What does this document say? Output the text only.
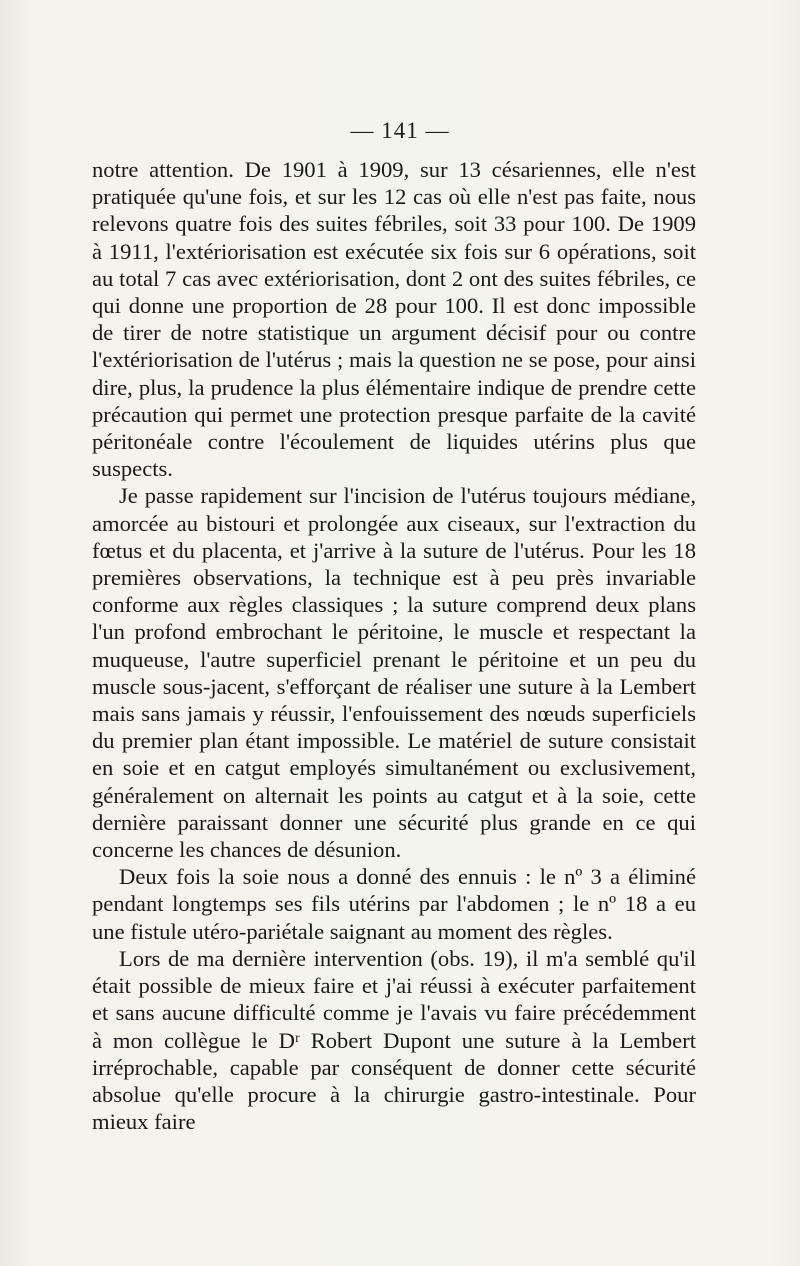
— 141 —

notre attention. De 1901 à 1909, sur 13 césariennes, elle n'est pratiquée qu'une fois, et sur les 12 cas où elle n'est pas faite, nous relevons quatre fois des suites fébriles, soit 33 pour 100. De 1909 à 1911, l'extériorisation est exécutée six fois sur 6 opérations, soit au total 7 cas avec extériorisation, dont 2 ont des suites fébriles, ce qui donne une proportion de 28 pour 100. Il est donc impossible de tirer de notre statistique un argument décisif pour ou contre l'extériorisation de l'utérus ; mais la question ne se pose, pour ainsi dire, plus, la prudence la plus élémentaire indique de prendre cette précaution qui permet une protection presque parfaite de la cavité péritonéale contre l'écoulement de liquides utérins plus que suspects.

Je passe rapidement sur l'incision de l'utérus toujours médiane, amorcée au bistouri et prolongée aux ciseaux, sur l'extraction du fœtus et du placenta, et j'arrive à la suture de l'utérus. Pour les 18 premières observations, la technique est à peu près invariable conforme aux règles classiques ; la suture comprend deux plans l'un profond embrochant le péritoine, le muscle et respectant la muqueuse, l'autre superficiel prenant le péritoine et un peu du muscle sous-jacent, s'efforçant de réaliser une suture à la Lembert mais sans jamais y réussir, l'enfouissement des nœuds superficiels du premier plan étant impossible. Le matériel de suture consistait en soie et en catgut employés simultanément ou exclusivement, généralement on alternait les points au catgut et à la soie, cette dernière paraissant donner une sécurité plus grande en ce qui concerne les chances de désunion.

Deux fois la soie nous a donné des ennuis : le nº 3 a éliminé pendant longtemps ses fils utérins par l'abdomen ; le nº 18 a eu une fistule utéro-pariétale saignant au moment des règles.

Lors de ma dernière intervention (obs. 19), il m'a semblé qu'il était possible de mieux faire et j'ai réussi à exécuter parfaitement et sans aucune difficulté comme je l'avais vu faire précédemment à mon collègue le Dʳ Robert Dupont une suture à la Lembert irréprochable, capable par conséquent de donner cette sécurité absolue qu'elle procure à la chirurgie gastro-intestinale. Pour mieux faire
